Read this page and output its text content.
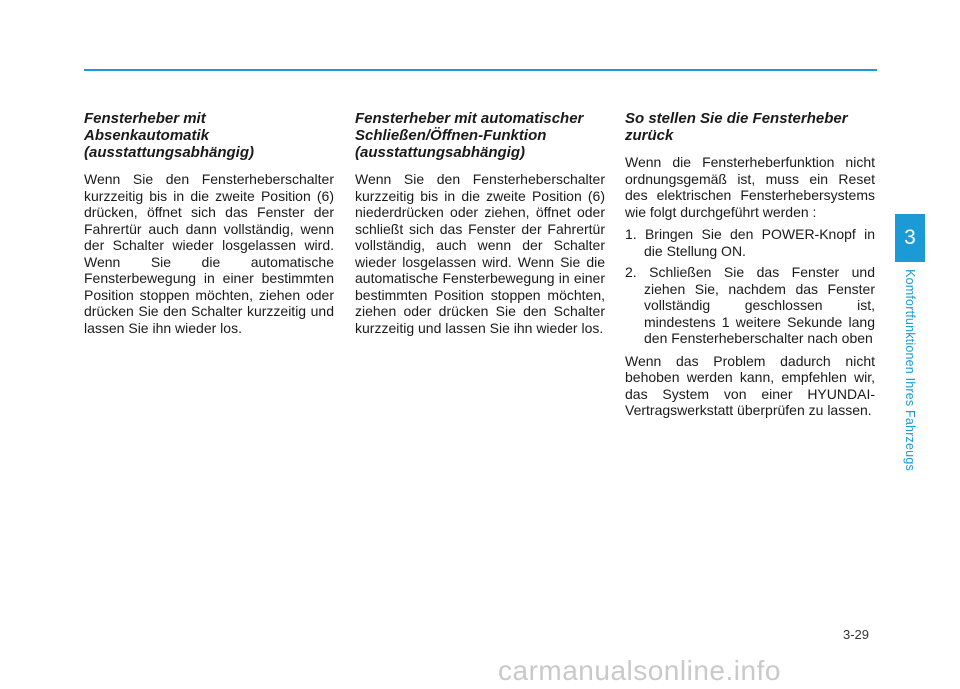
Fensterheber mit Absenkautomatik (ausstattungsabhängig)

Wenn Sie den Fensterheberschalter kurzzeitig bis in die zweite Position (6) drücken, öffnet sich das Fenster der Fahrertür auch dann vollständig, wenn der Schalter wieder losgelassen wird. Wenn Sie die automatische Fensterbewegung in einer bestimmten Position stoppen möchten, ziehen oder drücken Sie den Schalter kurzzeitig und lassen Sie ihn wieder los.

Fensterheber mit automatischer Schließen/Öffnen-Funktion (ausstattungsabhängig)

Wenn Sie den Fensterheberschalter kurzzeitig bis in die zweite Position (6) niederdrücken oder ziehen, öffnet oder schließt sich das Fenster der Fahrertür vollständig, auch wenn der Schalter wieder losgelassen wird. Wenn Sie die automatische Fensterbewegung in einer bestimmten Position stoppen möchten, ziehen oder drücken Sie den Schalter kurzzeitig und lassen Sie ihn wieder los.

So stellen Sie die Fensterheber zurück

Wenn die Fensterheberfunktion nicht ordnungsgemäß ist, muss ein Reset des elektrischen Fensterhebersystems wie folgt durchgeführt werden :

1. Bringen Sie den POWER-Knopf in die Stellung ON.
2. Schließen Sie das Fenster und ziehen Sie, nachdem das Fenster vollständig geschlossen ist, mindestens 1 weitere Sekunde lang den Fensterheberschalter nach oben

Wenn das Problem dadurch nicht behoben werden kann, empfehlen wir, das System von einer HYUNDAI-Vertragswerkstatt überprüfen zu lassen.

3
Komfortfunktionen Ihres Fahrzeugs
3-29
carmanualsonline.info
